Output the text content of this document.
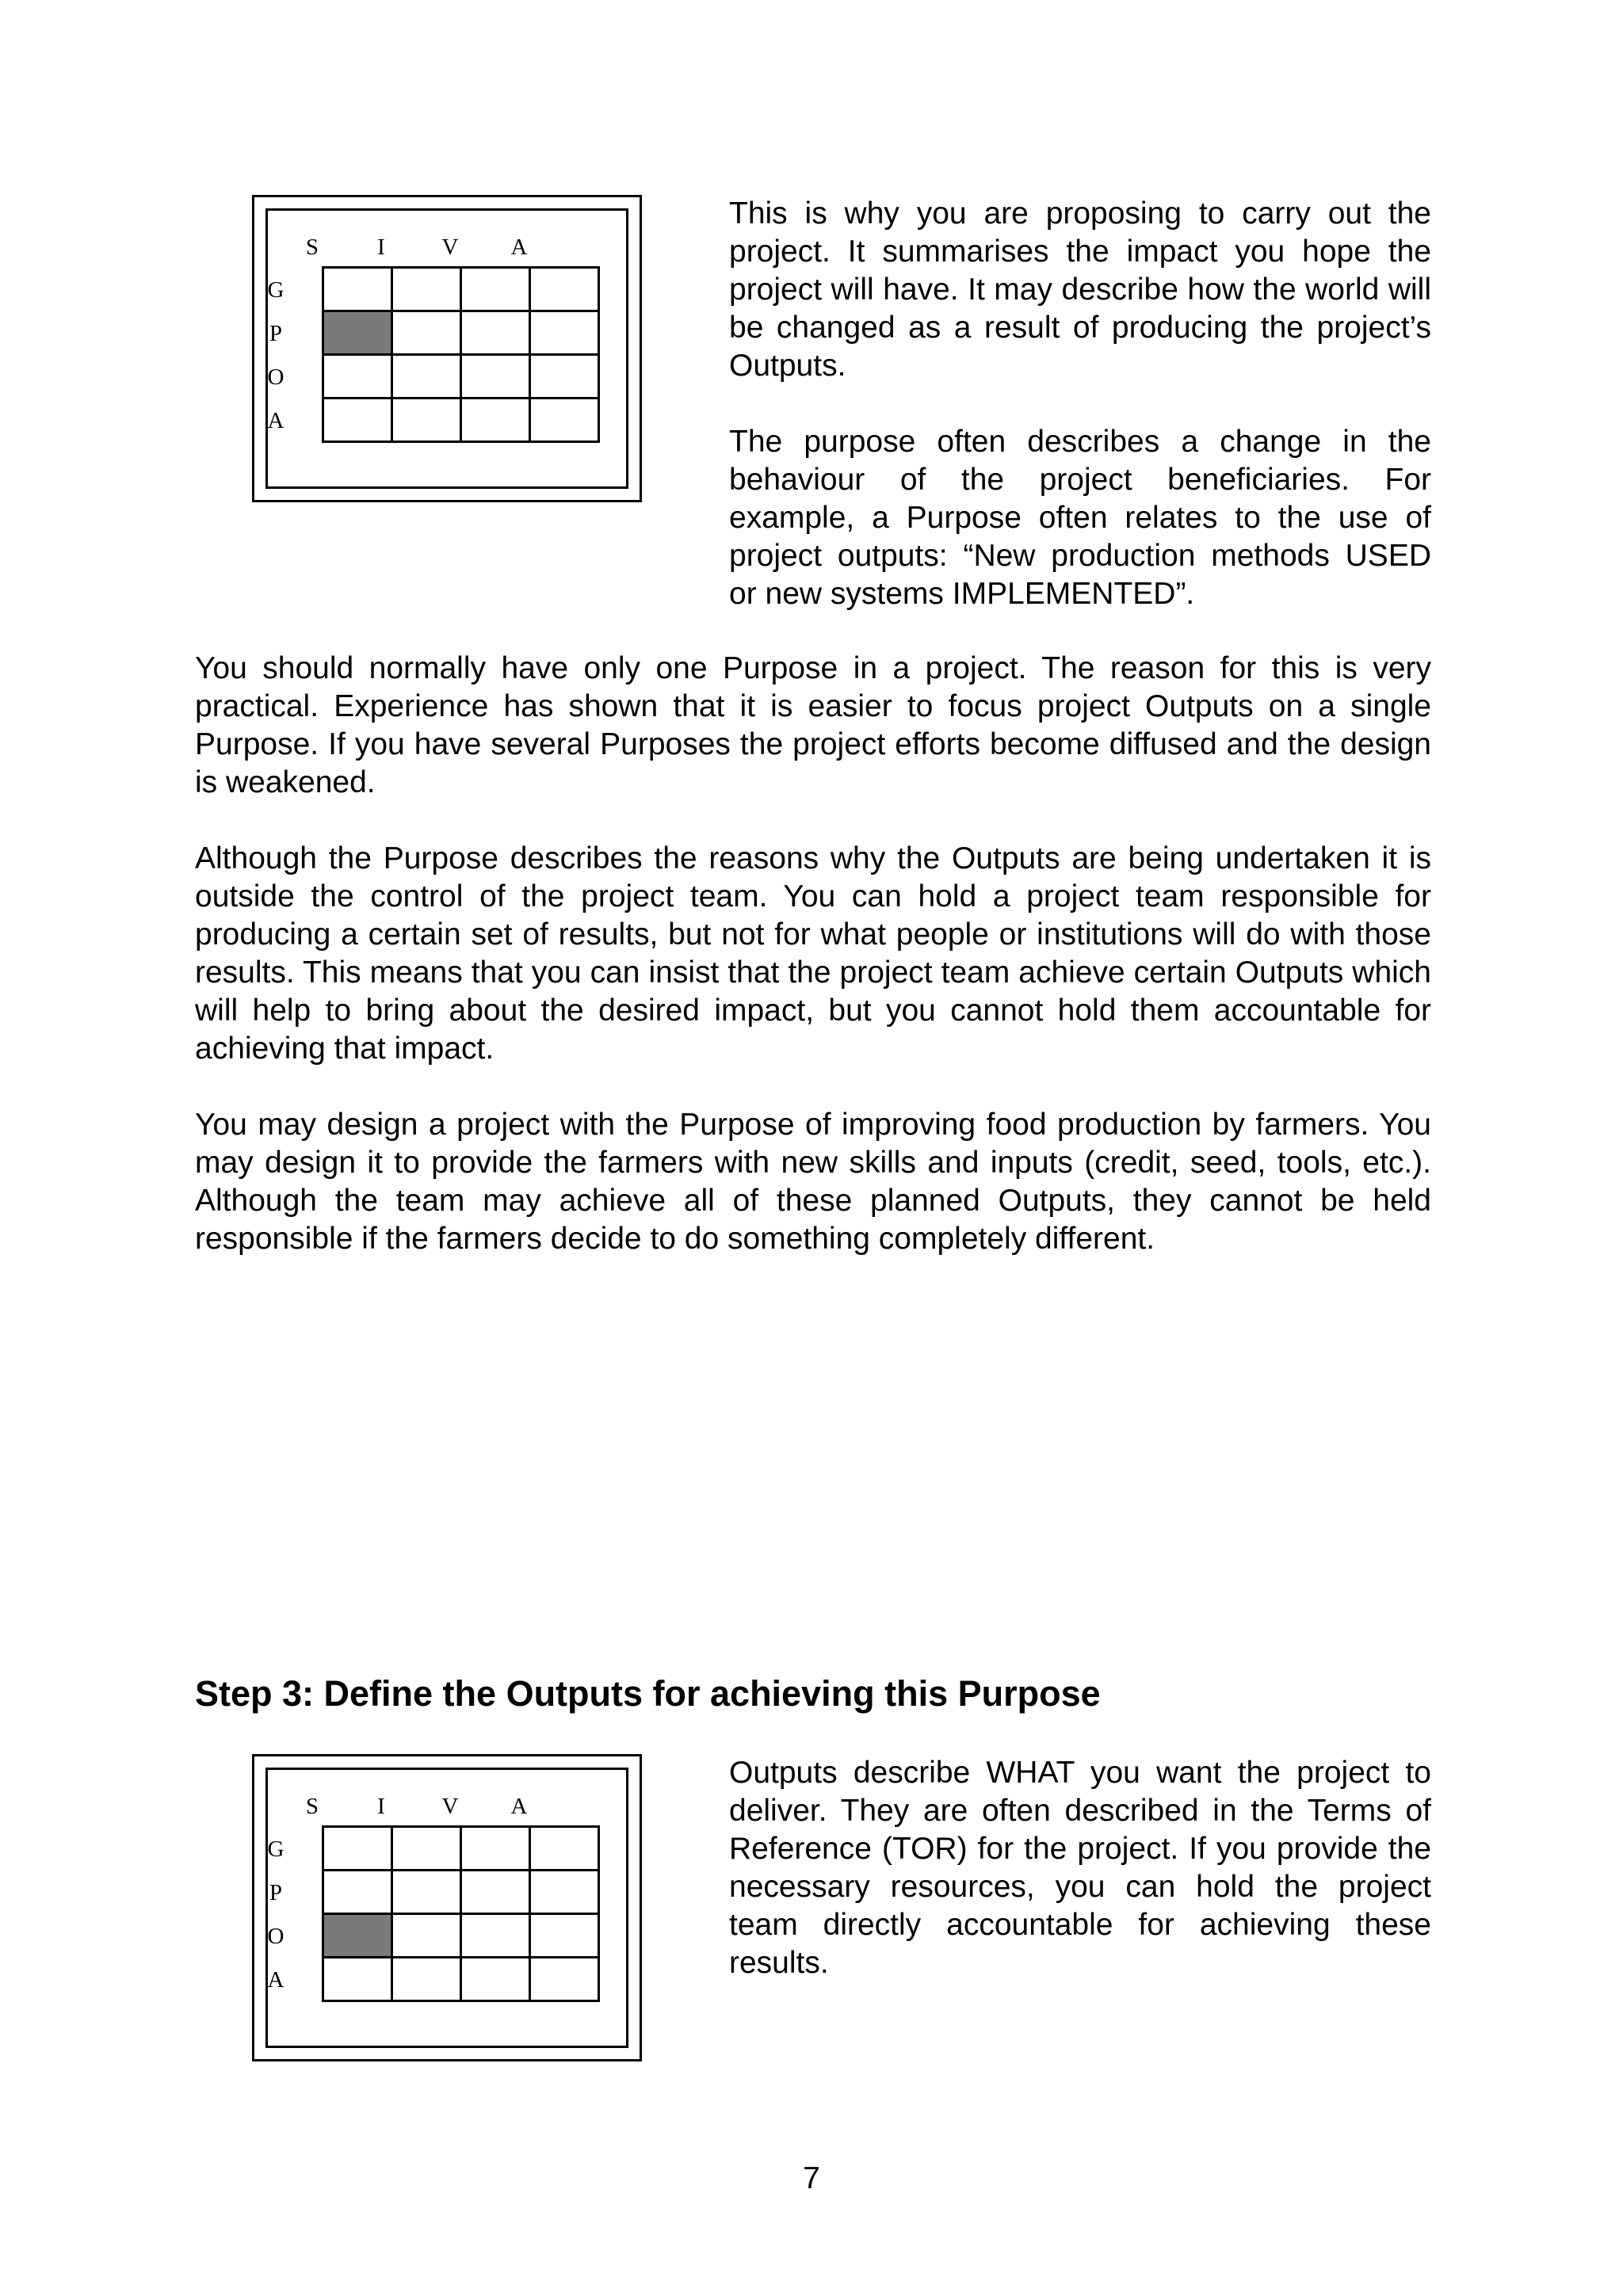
S	I	V	A
G
P
O
A

This is why you are proposing to carry out the project. It summarises the impact you hope the project will have. It may describe how the world will be changed as a result of producing the project’s Outputs.

The purpose often describes a change in the behaviour of the project beneficiaries. For example, a Purpose often relates to the use of project outputs: “New production methods USED or new systems IMPLEMENTED”.

You should normally have only one Purpose in a project. The reason for this is very practical. Experience has shown that it is easier to focus project Outputs on a single Purpose. If you have several Purposes the project efforts become diffused and the design is weakened.

Although the Purpose describes the reasons why the Outputs are being undertaken it is outside the control of the project team. You can hold a project team responsible for producing a certain set of results, but not for what people or institutions will do with those results. This means that you can insist that the project team achieve certain Outputs which will help to bring about the desired impact, but you cannot hold them accountable for achieving that impact.

You may design a project with the Purpose of improving food production by farmers. You may design it to provide the farmers with new skills and inputs (credit, seed, tools, etc.). Although the team may achieve all of these planned Outputs, they cannot be held responsible if the farmers decide to do something completely different.

Step 3: Define the Outputs for achieving this Purpose
S	I	V	A
G
P
O
A

Outputs describe WHAT you want the project to deliver. They are often described in the Terms of Reference (TOR) for the project. If you provide the necessary resources, you can hold the project team directly accountable for achieving these results.

7
